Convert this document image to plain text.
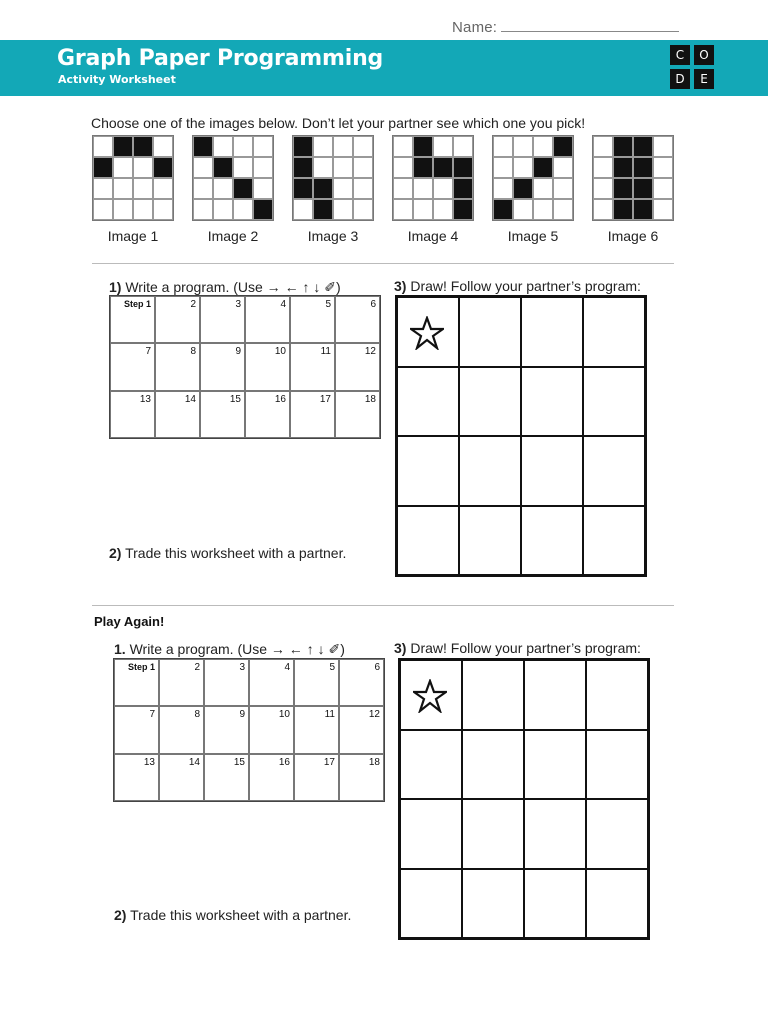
Name:
Graph Paper Programming
Activity Worksheet
C	O
D	E
Choose one of the images below. Don’t let your partner see which one you pick!
Image 1	Image 2	Image 3	Image 4	Image 5	Image 6
1) Write a program. (Use → ← ↑ ↓ ✐)	3) Draw! Follow your partner’s program:
Step 1	2	3	4	5	6
7	8	9	10	11	12
13	14	15	16	17	18
2) Trade this worksheet with a partner.
Play Again!
1. Write a program. (Use → ← ↑ ↓ ✐)	3) Draw! Follow your partner’s program:
Step 1	2	3	4	5	6
7	8	9	10	11	12
13	14	15	16	17	18
2) Trade this worksheet with a partner.
